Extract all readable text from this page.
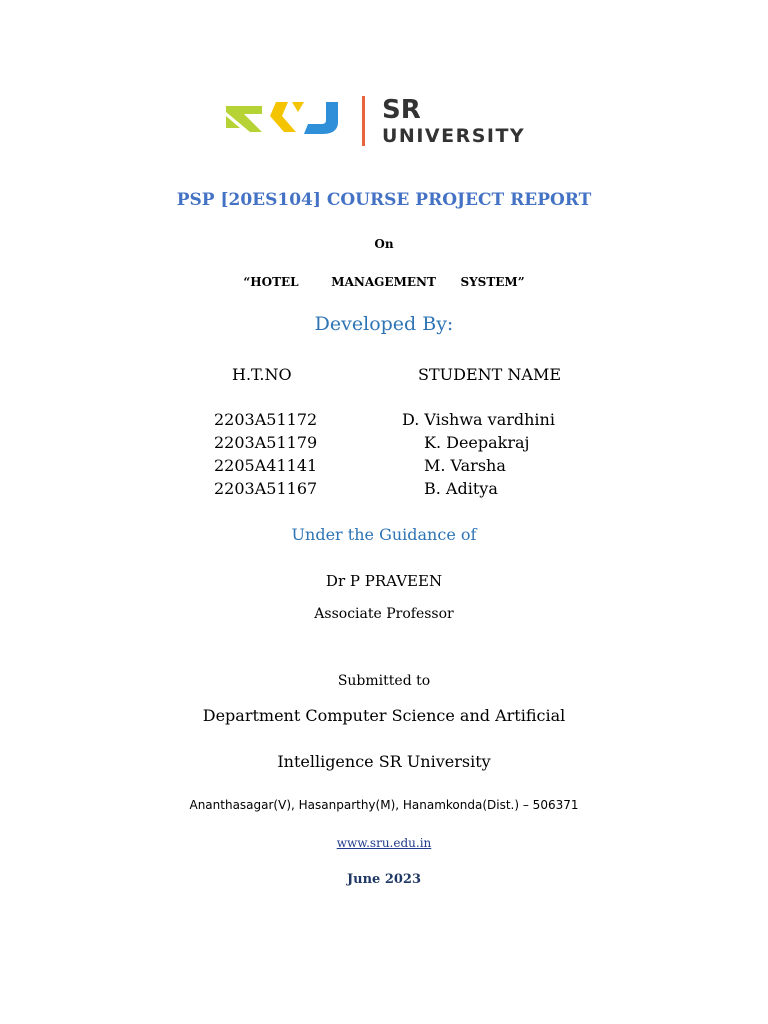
SR
UNIVERSITY
PSP [20ES104] COURSE PROJECT REPORT
On
“HOTEL    MANAGEMENT   SYSTEM”
Developed By:
H.T.NO	STUDENT NAME
2203A51172	D. Vishwa vardhini
2203A51179	K. Deepakraj
2205A41141	M. Varsha
2203A51167	B. Aditya
Under the Guidance of
Dr P PRAVEEN
Associate Professor
Submitted to
Department Computer Science and Artificial
Intelligence SR University
Ananthasagar(V), Hasanparthy(M), Hanamkonda(Dist.) – 506371
www.sru.edu.in
June 2023
